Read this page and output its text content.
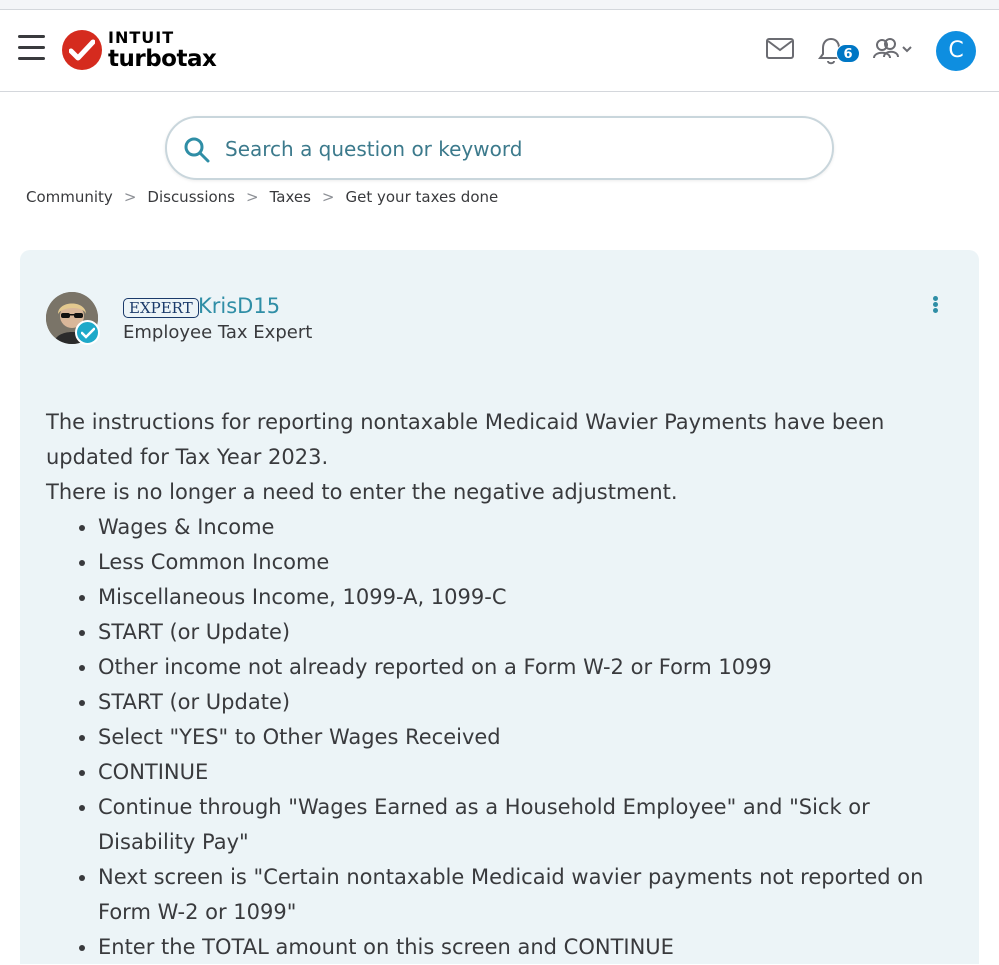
INTUIT
turbotax	6	C
Search a question or keyword
Community > Discussions > Taxes > Get your taxes done
EXPERT KrisD15
Employee Tax Expert

The instructions for reporting nontaxable Medicaid Wavier Payments have been updated for Tax Year 2023.

There is no longer a need to enter the negative adjustment.

• Wages & Income
• Less Common Income
• Miscellaneous Income, 1099-A, 1099-C
• START (or Update)
• Other income not already reported on a Form W-2 or Form 1099
• START (or Update)
• Select "YES" to Other Wages Received
• CONTINUE
• Continue through "Wages Earned as a Household Employee" and "Sick or Disability Pay"
• Next screen is "Certain nontaxable Medicaid wavier payments not reported on Form W-2 or 1099"
• Enter the TOTAL amount on this screen and CONTINUE
